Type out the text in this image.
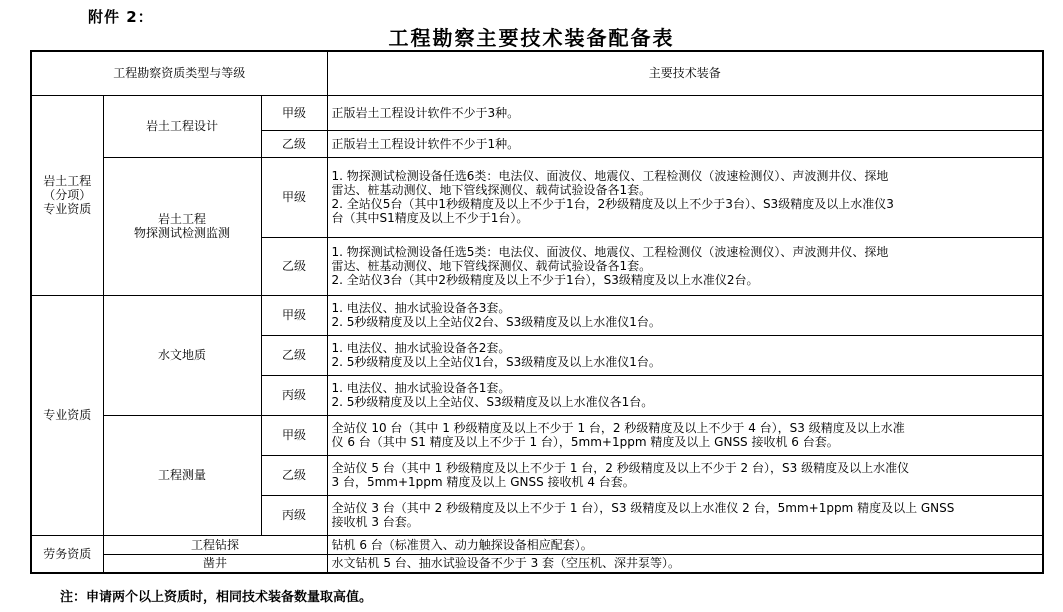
附件 2：
工程勘察主要技术装备配备表
工程勘察资质类型与等级			主要技术装备
岩土工程
（分项）
专业资质	岩土工程设计	甲级	正版岩土工程设计软件不少于3种。

		乙级	正版岩土工程设计软件不少于1种。

	岩土工程
物探测试检测监测	甲级	1. 物探测试检测设备任选6类：电法仪、面波仪、地震仪、工程检测仪（波速检测仪）、声波测井仪、探地
雷达、桩基动测仪、地下管线探测仪、载荷试验设备各1套。
2. 全站仪5台（其中1秒级精度及以上不少于1台，2秒级精度及以上不少于3台）、S3级精度及以上水准仪3
台（其中S1精度及以上不少于1台）。

		乙级	1. 物探测试检测设备任选5类：电法仪、面波仪、地震仪、工程检测仪（波速检测仪）、声波测井仪、探地
雷达、桩基动测仪、地下管线探测仪、载荷试验设备各1套。
2. 全站仪3台（其中2秒级精度及以上不少于1台），S3级精度及以上水准仪2台。

专业资质	水文地质	甲级	1. 电法仪、抽水试验设备各3套。
2. 5秒级精度及以上全站仪2台、S3级精度及以上水准仪1台。

		乙级	1. 电法仪、抽水试验设备各2套。
2. 5秒级精度及以上全站仪1台，S3级精度及以上水准仪1台。

		丙级	1. 电法仪、抽水试验设备各1套。
2. 5秒级精度及以上全站仪、S3级精度及以上水准仪各1台。

	工程测量	甲级	全站仪 10 台（其中 1 秒级精度及以上不少于 1 台，2 秒级精度及以上不少于 4 台），S3 级精度及以上水准
仪 6 台（其中 S1 精度及以上不少于 1 台），5mm+1ppm 精度及以上 GNSS 接收机 6 台套。

		乙级	全站仪 5 台（其中 1 秒级精度及以上不少于 1 台，2 秒级精度及以上不少于 2 台），S3 级精度及以上水准仪
3 台，5mm+1ppm 精度及以上 GNSS 接收机 4 台套。

		丙级	全站仪 3 台（其中 2 秒级精度及以上不少于 1 台），S3 级精度及以上水准仪 2 台，5mm+1ppm 精度及以上 GNSS
接收机 3 台套。

劳务资质	工程钻探		钻机 6 台（标准贯入、动力触探设备相应配套）。

	凿井		水文钻机 5 台、抽水试验设备不少于 3 套（空压机、深井泵等）。
注：申请两个以上资质时，相同技术装备数量取高值。
